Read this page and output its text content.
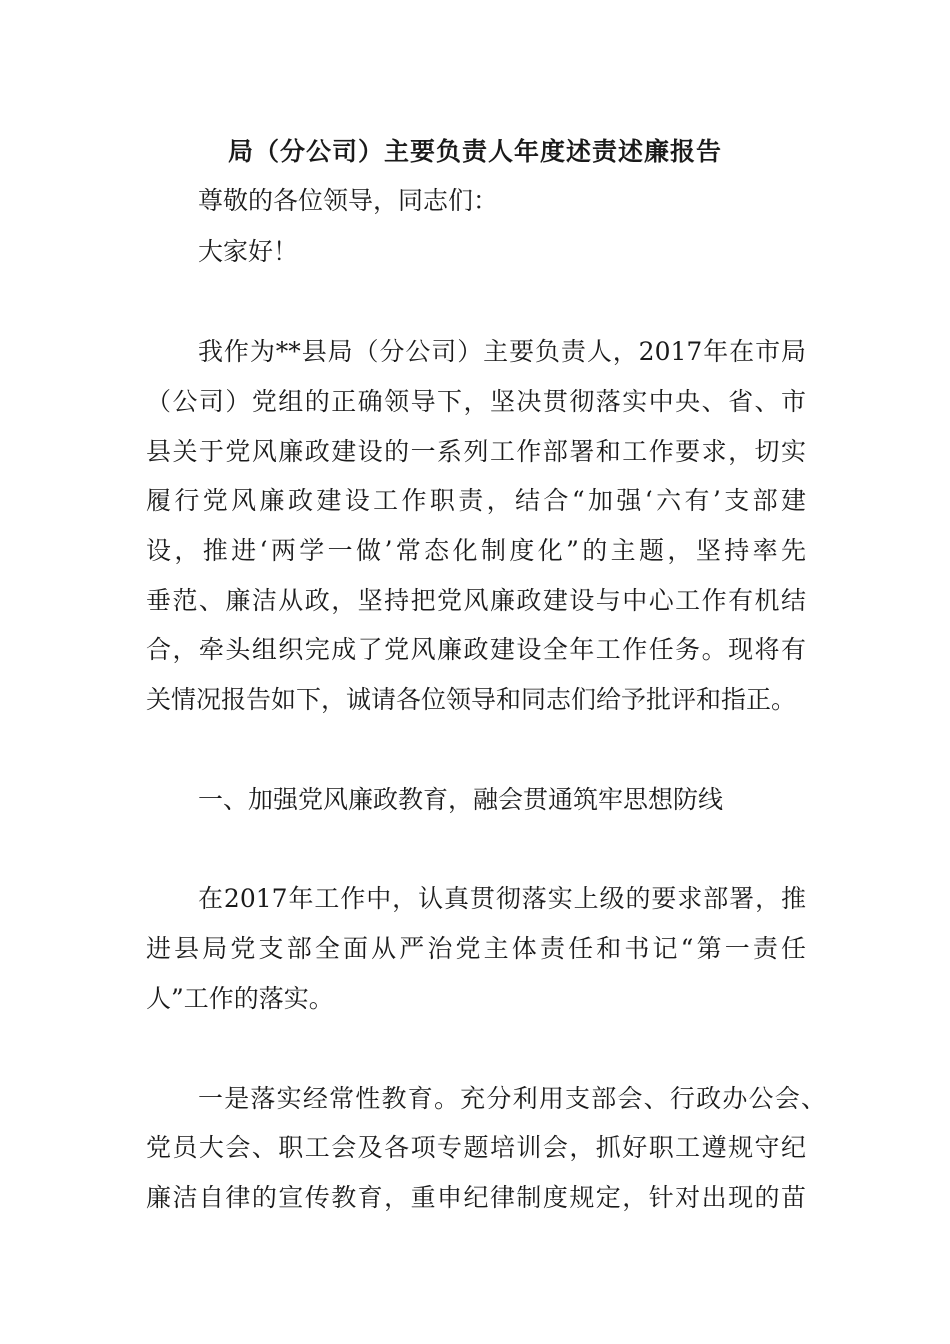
局（分公司）主要负责人年度述责述廉报告
尊敬的各位领导，同志们：
大家好！
我作为**县局（分公司）主要负责人，2017年在市局
（公司）党组的正确领导下，坚决贯彻落实中央、省、市
县关于党风廉政建设的一系列工作部署和工作要求，切实
履行党风廉政建设工作职责，结合“加强‘六有’支部建
设，推进‘两学一做’常态化制度化”的主题，坚持率先
垂范、廉洁从政，坚持把党风廉政建设与中心工作有机结
合，牵头组织完成了党风廉政建设全年工作任务。现将有
关情况报告如下，诚请各位领导和同志们给予批评和指正。
一、加强党风廉政教育，融会贯通筑牢思想防线
在2017年工作中，认真贯彻落实上级的要求部署，推
进县局党支部全面从严治党主体责任和书记“第一责任
人”工作的落实。
一是落实经常性教育。充分利用支部会、行政办公会、
党员大会、职工会及各项专题培训会，抓好职工遵规守纪
廉洁自律的宣传教育，重申纪律制度规定，针对出现的苗
